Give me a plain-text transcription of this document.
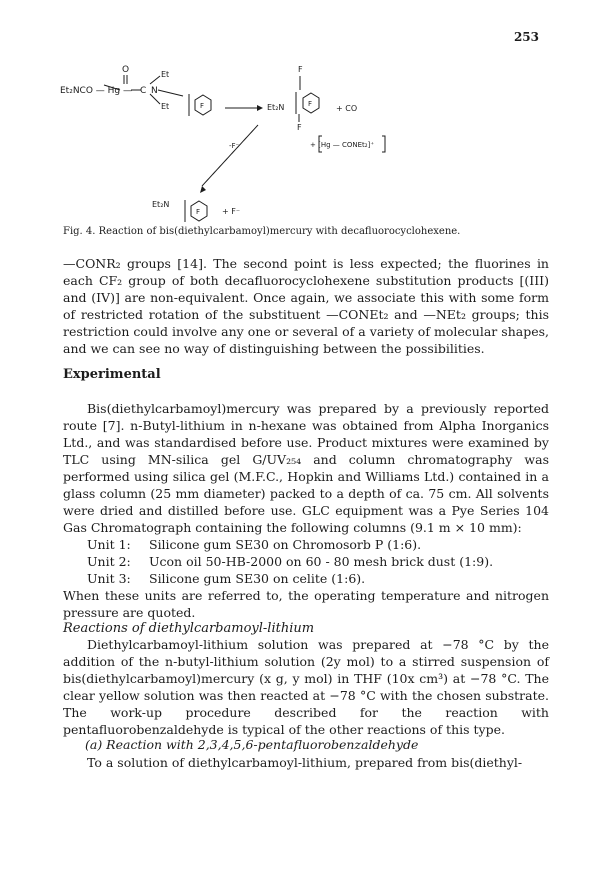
253
Et₂NCO — Hg —
O
C N
Et
Et	F
F
F
Et₂N	F	+ CO
+ [Hg — CONEt₂]⁺
-F⁻
Et₂N
F	+ F⁻
Fig. 4. Reaction of bis(diethylcarbamoyl)mercury with decafluorocyclohexene.

—CONR₂ groups [14]. The second point is less expected; the fluorines in each CF₂ group of both decafluorocyclohexene substitution products [(III) and (IV)] are non-equivalent. Once again, we associate this with some form of restricted rotation of the substituent —CONEt₂ and —NEt₂ groups; this restriction could involve any one or several of a variety of molecular shapes, and we can see no way of distinguishing between the possibilities.

Experimental

Bis(diethylcarbamoyl)mercury was prepared by a previously reported route [7]. n-Butyl-lithium in n-hexane was obtained from Alpha Inorganics Ltd., and was standardised before use. Product mixtures were examined by TLC using MN-silica gel G/UV₂₅₄ and column chromatography was performed using silica gel (M.F.C., Hopkin and Williams Ltd.) contained in a glass column (25 mm diameter) packed to a depth of ca. 75 cm. All solvents were dried and distilled before use. GLC equipment was a Pye Series 104 Gas Chromatograph containing the following columns (9.1 m × 10 mm):

Unit 1:	Silicone gum SE30 on Chromosorb P (1:6).
Unit 2:	Ucon oil 50-HB-2000 on 60 - 80 mesh brick dust (1:9).
Unit 3:	Silicone gum SE30 on celite (1:6).

When these units are referred to, the operating temperature and nitrogen pressure are quoted.

Reactions of diethylcarbamoyl-lithium

Diethylcarbamoyl-lithium solution was prepared at −78 °C by the addition of the n-butyl-lithium solution (2y mol) to a stirred suspension of bis(diethylcarbamoyl)mercury (x g, y mol) in THF (10x cm³) at −78 °C. The clear yellow solution was then reacted at −78 °C with the chosen substrate. The work-up procedure described for the reaction with pentafluorobenzaldehyde is typical of the other reactions of this type.

(a) Reaction with 2,3,4,5,6-pentafluorobenzaldehyde

To a solution of diethylcarbamoyl-lithium, prepared from bis(diethyl-
